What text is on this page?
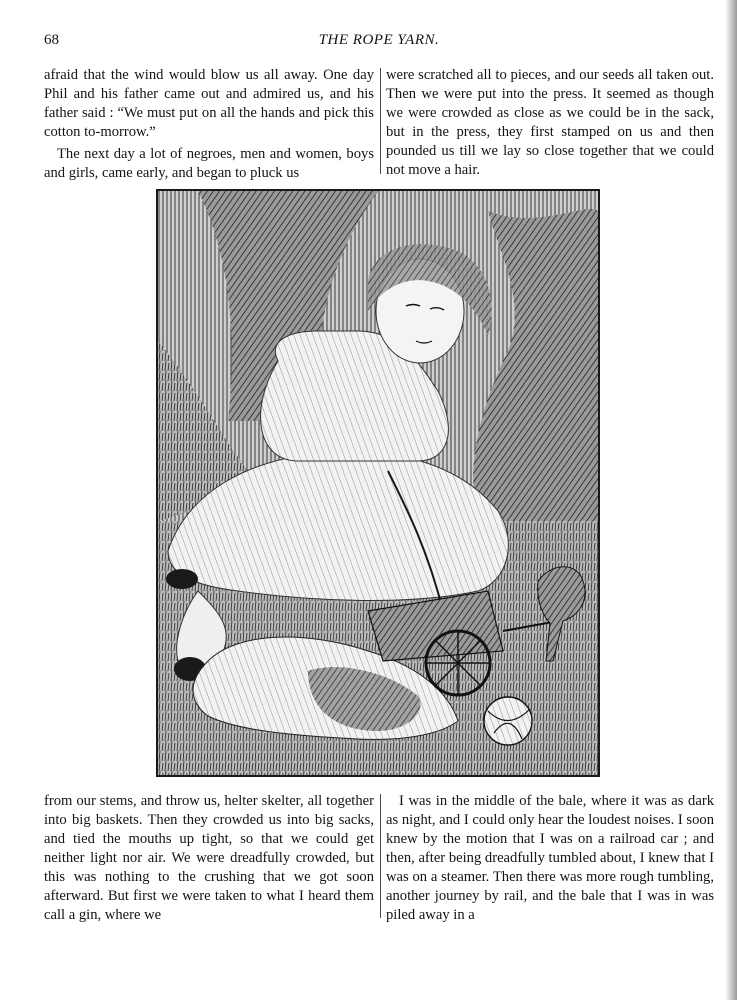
68	THE ROPE YARN.

afraid that the wind would blow us all away. One day Phil and his father came out and admired us, and his father said : “We must put on all the hands and pick this cotton to-morrow.”

The next day a lot of negroes, men and women, boys and girls, came early, and began to pluck us

were scratched all to pieces, and our seeds all taken out. Then we were put into the press. It seemed as though we were crowded as close as we could be in the sack, but in the press, they first stamped on us and then pounded us till we lay so close together that we could not move a hair.

from our stems, and throw us, helter skelter, all together into big baskets. Then they crowded us into big sacks, and tied the mouths up tight, so that we could get neither light nor air. We were dreadfully crowded, but this was nothing to the crushing that we got soon afterward. But first we were taken to what I heard them call a gin, where we

I was in the middle of the bale, where it was as dark as night, and I could only hear the loudest noises. I soon knew by the motion that I was on a railroad car ; and then, after being dreadfully tumbled about, I knew that I was on a steamer. Then there was more rough tumbling, another journey by rail, and the bale that I was in was piled away in a
